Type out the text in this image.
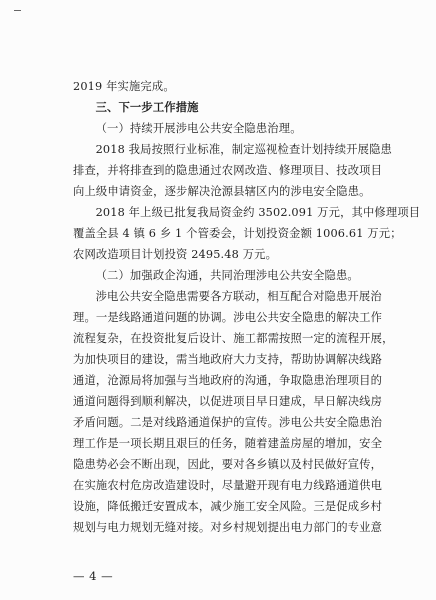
2019 年实施完成。

三、下一步工作措施

（一）持续开展涉电公共安全隐患治理。

2018 我局按照行业标准，制定巡视检查计划持续开展隐患
排查，并将排查到的隐患通过农网改造、修理项目、技改项目
向上级申请资金，逐步解决沧源县辖区内的涉电安全隐患。

2018 年上级已批复我局资金约 3502.091 万元，其中修理项目
覆盖全县 4 镇 6 乡 1 个管委会，计划投资金额 1006.61 万元；
农网改造项目计划投资 2495.48 万元。

（二）加强政企沟通，共同治理涉电公共安全隐患。

涉电公共安全隐患需要各方联动，相互配合对隐患开展治
理。一是线路通道问题的协调。涉电公共安全隐患的解决工作
流程复杂，在投资批复后设计、施工都需按照一定的流程开展，
为加快项目的建设，需当地政府大力支持，帮助协调解决线路
通道，沧源局将加强与当地政府的沟通，争取隐患治理项目的
通道问题得到顺利解决，以促进项目早日建成，早日解决线房
矛盾问题。二是对线路通道保护的宣传。涉电公共安全隐患治
理工作是一项长期且艰巨的任务，随着建盖房屋的增加，安全
隐患势必会不断出现，因此，要对各乡镇以及村民做好宣传，
在实施农村危房改造建设时，尽量避开现有电力线路通道供电
设施，降低搬迁安置成本，减少施工安全风险。三是促成乡村
规划与电力规划无缝对接。对乡村规划提出电力部门的专业意

— 4 —
